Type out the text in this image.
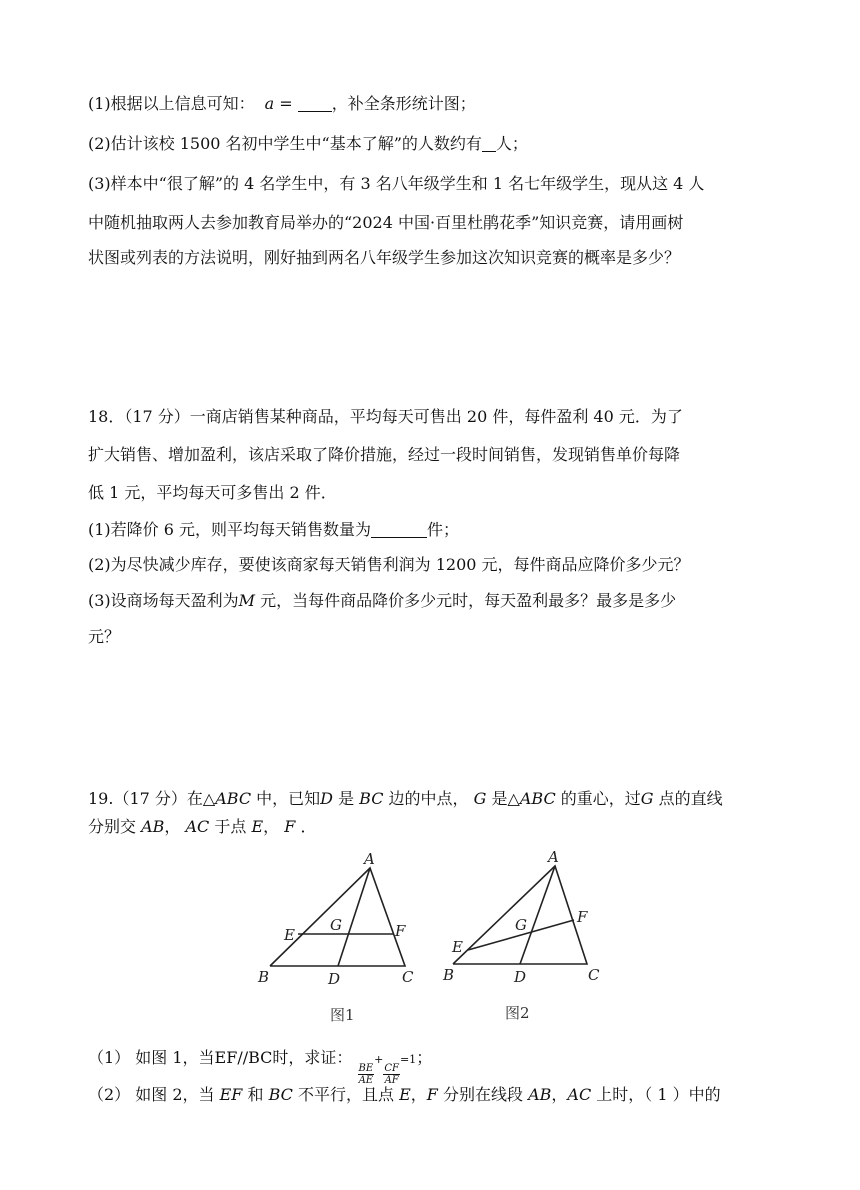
(1)根据以上信息可知： a = ，补全条形统计图；
(2)估计该校 1500 名初中学生中“基本了解”的人数约有 人；
(3)样本中“很了解”的 4 名学生中，有 3 名八年级学生和 1 名七年级学生，现从这 4 人
中随机抽取两人去参加教育局举办的“2024 中国·百里杜鹃花季”知识竞赛，请用画树
状图或列表的方法说明，刚好抽到两名八年级学生参加这次知识竞赛的概率是多少？
18．（17 分）一商店销售某种商品，平均每天可售出 20 件，每件盈利 40 元．为了
扩大销售、增加盈利，该店采取了降价措施，经过一段时间销售，发现销售单价每降
低 1 元，平均每天可多售出 2 件．
(1)若降价 6 元，则平均每天销售数量为	件；
(2)为尽快减少库存，要使该商家每天销售利润为 1200 元，每件商品应降价多少元？
(3)设商场每天盈利为M 元，当每件商品降价多少元时，每天盈利最多？最多是多少
元？
19.（17 分）在△ABC 中，已知D 是 BC 边的中点， G 是△ABC 的重心，过G 点的直线
分别交 AB， AC 于点 E， F ．
A
B	C
D
E	F
G
图1
A
B	C
D
E
F
G
图2
（1） 如图 1，当EF//BC时，求证：
$\frac{BE}{AE}$
+
$\frac{CF}{AF}$
=1；
（2） 如图 2，当 EF 和 BC 不平行，且点 E，F 分别在线段 AB，AC 上时，（ 1 ）中的
